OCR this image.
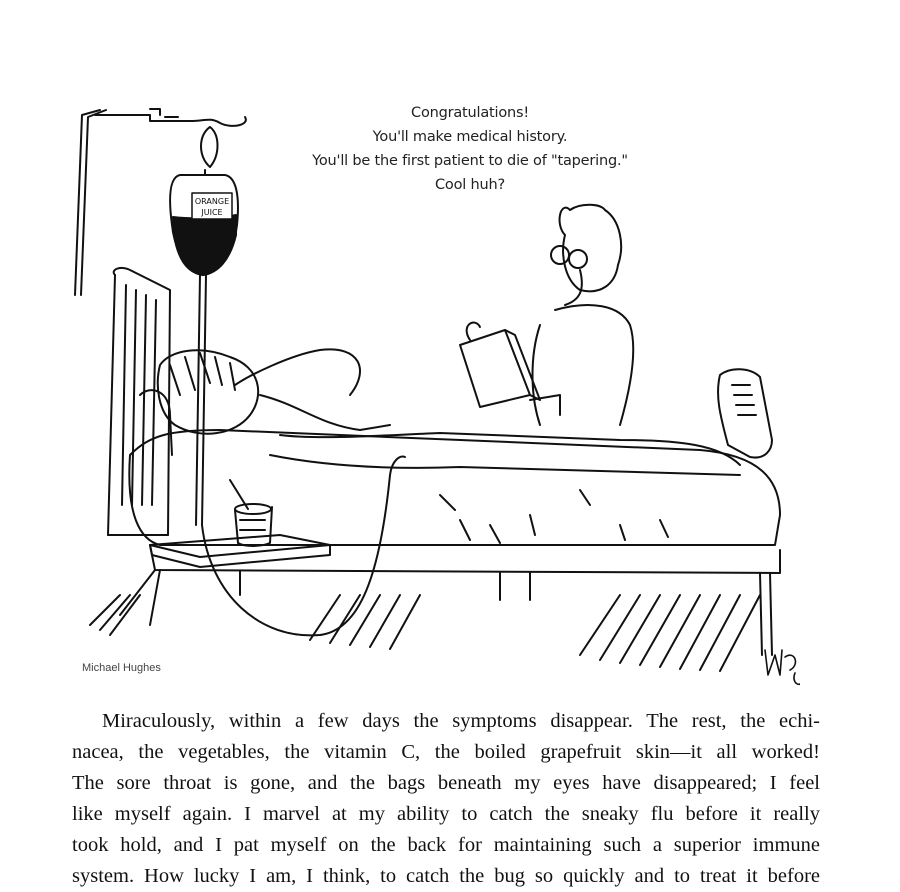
ORANGE
JUICE
Congratulations!
You'll make medical history.
You'll be the first patient to die of "tapering."
Cool huh?
Michael Hughes
Miraculously, within a few days the symptoms disappear. The rest, the echi-
nacea, the vegetables, the vitamin C, the boiled grapefruit skin—it all worked!
The sore throat is gone, and the bags beneath my eyes have disappeared; I feel
like myself again. I marvel at my ability to catch the sneaky flu before it really
took hold, and I pat myself on the back for maintaining such a superior immune
system. How lucky I am, I think, to catch the bug so quickly and to treat it before
